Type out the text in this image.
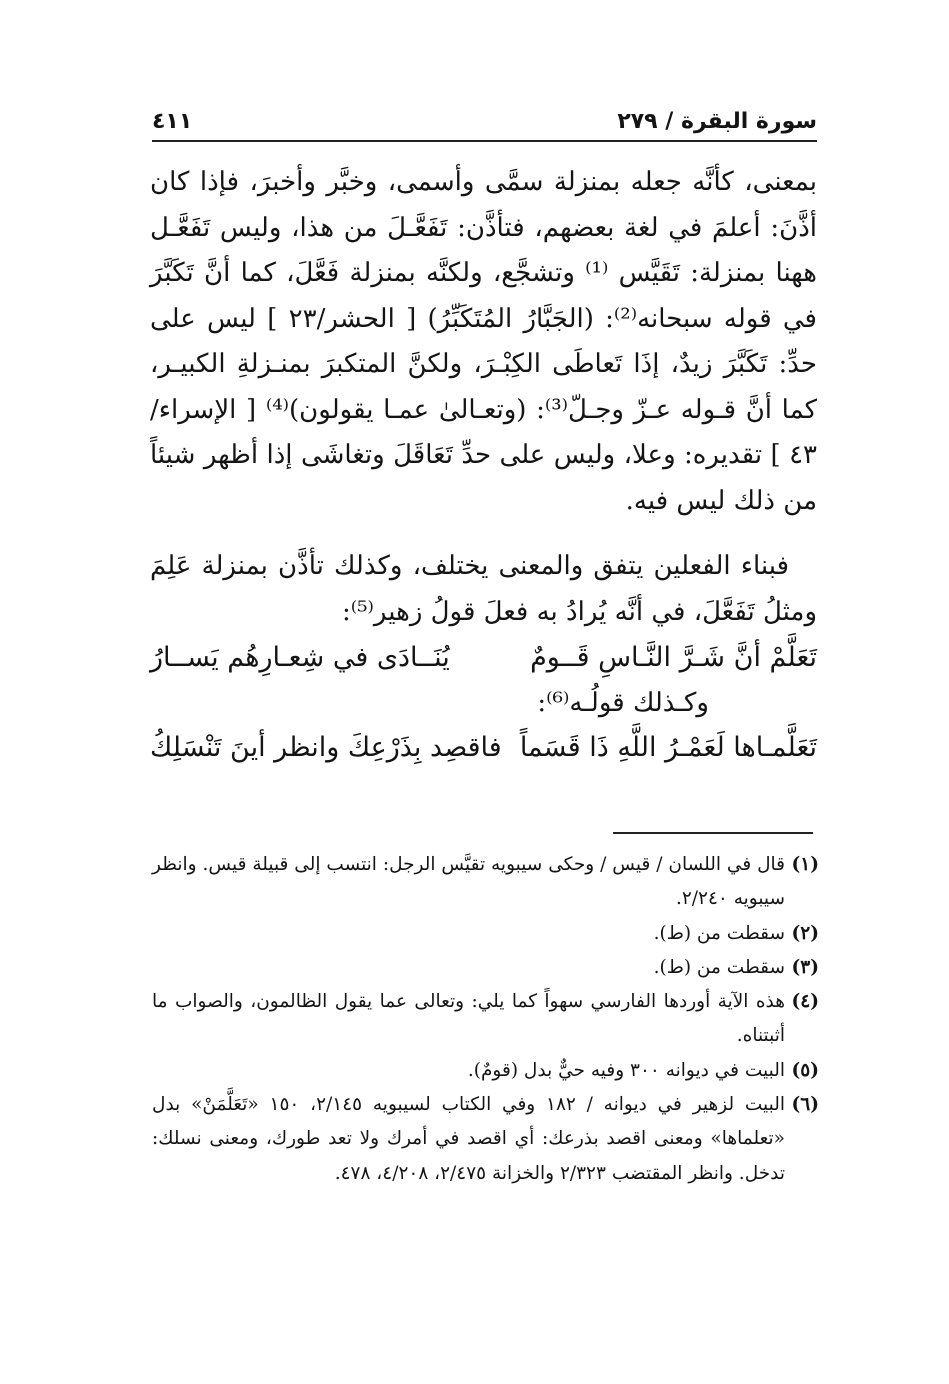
سورة البقرة / ٢٧٩
٤١١

بمعنى، كأنَّه جعله بمنزلة سمَّى وأسمى، وخبَّر وأخبرَ، فإذا كان أذَّنَ: أعلمَ في لغة بعضهم، فتأذَّن: تَفَعَّـلَ من هذا، وليس تَفَعَّـل ههنا بمنزلة: تَقَيَّس ⁽¹⁾ وتشجَّع، ولكنَّه بمنزلة فَعَّلَ، كما أنَّ تَكَبَّرَ في قوله سبحانه⁽²⁾: (الجَبَّارُ المُتَكَبِّرُ) [ الحشر/٢٣ ] ليس على حدِّ: تَكَبَّرَ زيدٌ، إذَا تَعاطَى الكِبْـرَ، ولكنَّ المتكبرَ بمنـزلةِ الكبيـر، كما أنَّ قـوله عـزّ وجـلّ⁽³⁾: (وتعـالىٰ عمـا يقولون)⁽⁴⁾ [ الإسراء/٤٣ ] تقديره: وعلا، وليس على حدِّ تَعَاقَلَ وتغاشَى إذا أظهر شيئاً من ذلك ليس فيه.

فبناء الفعلين يتفق والمعنى يختلف، وكذلك تأذَّن بمنزلة عَلِمَ ومثلُ تَفَعَّلَ، في أنَّه يُرادُ به فعلَ قولُ زهير⁽⁵⁾:

تَعَلَّمْ أنَّ شَـرَّ النَّـاسِ قَــومٌ
يُنَــادَى في شِعـارِهُم يَســارُ

وكـذلك قولُـه⁽⁶⁾:

تَعَلَّمـاها لَعَمْـرُ اللَّهِ ذَا قَسَماً
فاقصِد بِذَرْعِكَ وانظر أينَ تَنْسَلِكُ
(١)
قال في اللسان / قيس / وحكى سيبويه تقيَّس الرجل: انتسب إلى قبيلة قيس. وانظر سيبويه ٢/٢٤٠.
(٢)
سقطت من (ط).
(٣)
سقطت من (ط).
(٤)
هذه الآية أوردها الفارسي سهواً كما يلي: وتعالى عما يقول الظالمون، والصواب ما أثبتناه.
(٥)
البيت في ديوانه ٣٠٠ وفيه حيٌّ بدل (قومٌ).
(٦)
البيت لزهير في ديوانه / ١٨٢ وفي الكتاب لسيبويه ٢/١٤٥، ١٥٠ «تَعَلَّمَنْ» بدل «تعلماها» ومعنى اقصد بذرعك: أي اقصد في أمرك ولا تعد طورك، ومعنى نسلك: تدخل. وانظر المقتضب ٢/٣٢٣ والخزانة ٢/٤٧٥، ٤/٢٠٨، ٤٧٨.
